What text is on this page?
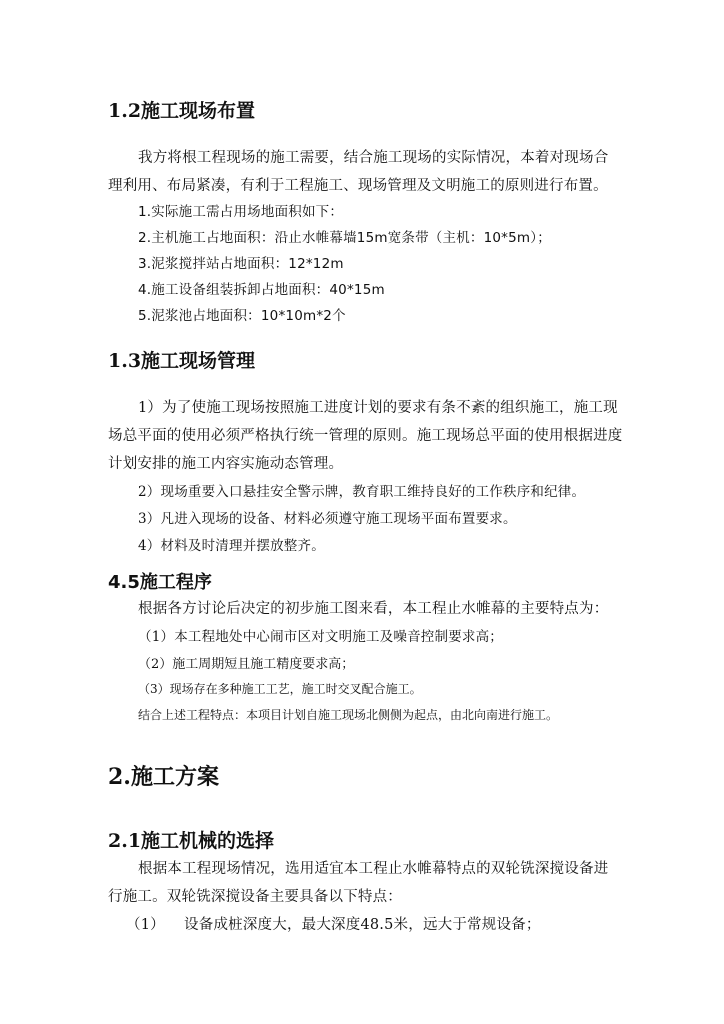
1.2施工现场布置
我方将根工程现场的施工需要，结合施工现场的实际情况，本着对现场合
理利用、布局紧凑，有利于工程施工、现场管理及文明施工的原则进行布置。
1.实际施工需占用场地面积如下：
2.主机施工占地面积：沿止水帷幕墙15m宽条带（主机：10*5m）；
3.泥浆搅拌站占地面积：12*12m
4.施工设备组装拆卸占地面积：40*15m
5.泥浆池占地面积：10*10m*2个
1.3施工现场管理
1）为了使施工现场按照施工进度计划的要求有条不紊的组织施工，施工现
场总平面的使用必须严格执行统一管理的原则。施工现场总平面的使用根据进度
计划安排的施工内容实施动态管理。
2）现场重要入口悬挂安全警示牌，教育职工维持良好的工作秩序和纪律。
3）凡进入现场的设备、材料必须遵守施工现场平面布置要求。
4）材料及时清理并摆放整齐。
4.5施工程序
根据各方讨论后决定的初步施工图来看，本工程止水帷幕的主要特点为：
（1）本工程地处中心闹市区对文明施工及噪音控制要求高；
（2）施工周期短且施工精度要求高；
（3）现场存在多种施工工艺，施工时交叉配合施工。
结合上述工程特点：本项目计划自施工现场北侧侧为起点，由北向南进行施工。
2.施工方案
2.1施工机械的选择
根据本工程现场情况，选用适宜本工程止水帷幕特点的双轮铣深搅设备进
行施工。双轮铣深搅设备主要具备以下特点：
（1）    设备成桩深度大，最大深度48.5米，远大于常规设备；
